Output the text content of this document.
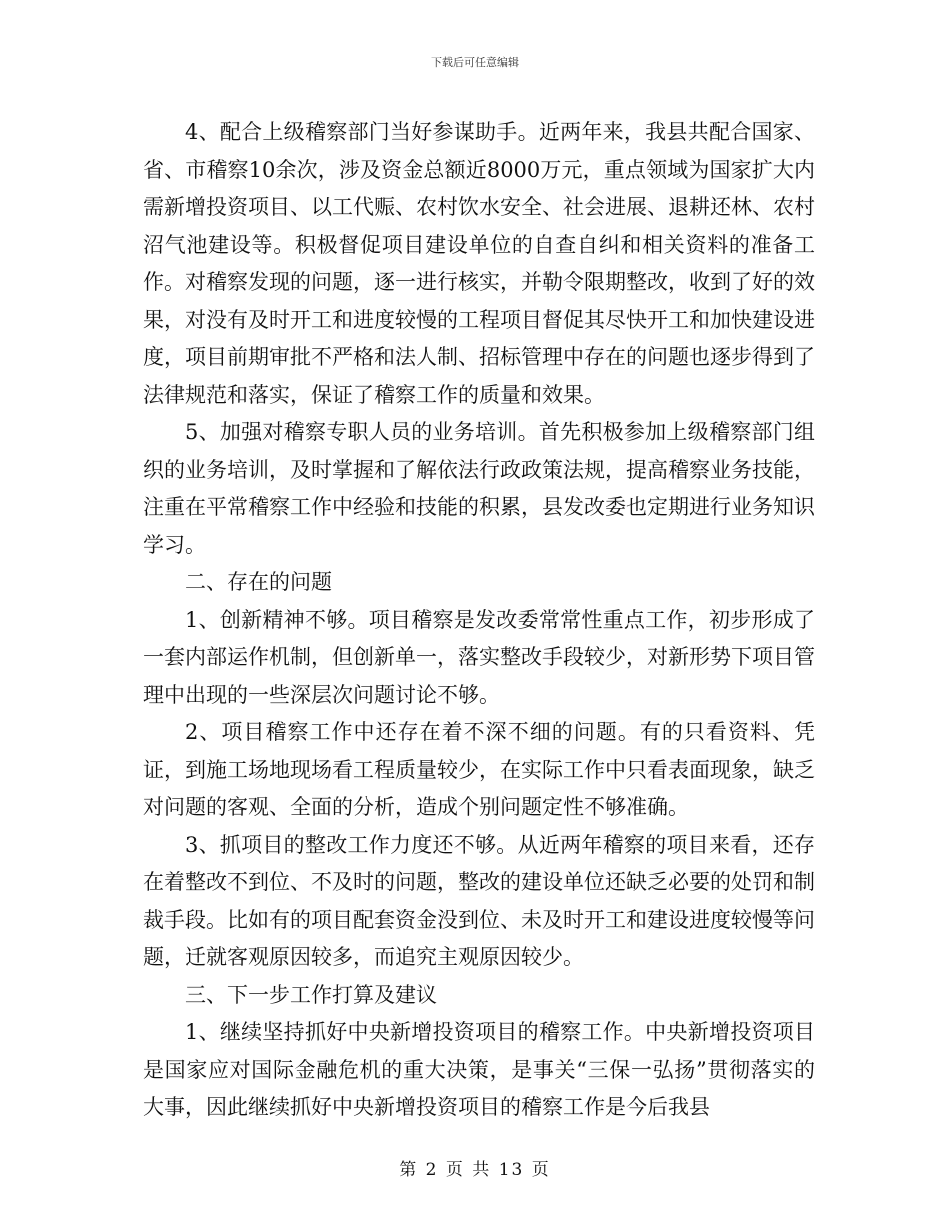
下载后可任意编辑

4、配合上级稽察部门当好参谋助手。近两年来，我县共配合国家、省、市稽察10余次，涉及资金总额近8000万元，重点领域为国家扩大内需新增投资项目、以工代赈、农村饮水安全、社会进展、退耕还林、农村沼气池建设等。积极督促项目建设单位的自查自纠和相关资料的准备工作。对稽察发现的问题，逐一进行核实，并勒令限期整改，收到了好的效果，对没有及时开工和进度较慢的工程项目督促其尽快开工和加快建设进度，项目前期审批不严格和法人制、招标管理中存在的问题也逐步得到了法律规范和落实，保证了稽察工作的质量和效果。

5、加强对稽察专职人员的业务培训。首先积极参加上级稽察部门组织的业务培训，及时掌握和了解依法行政政策法规，提高稽察业务技能，注重在平常稽察工作中经验和技能的积累，县发改委也定期进行业务知识学习。

二、存在的问题

1、创新精神不够。项目稽察是发改委常常性重点工作，初步形成了一套内部运作机制，但创新单一，落实整改手段较少，对新形势下项目管理中出现的一些深层次问题讨论不够。

2、项目稽察工作中还存在着不深不细的问题。有的只看资料、凭证，到施工场地现场看工程质量较少，在实际工作中只看表面现象，缺乏对问题的客观、全面的分析，造成个别问题定性不够准确。

3、抓项目的整改工作力度还不够。从近两年稽察的项目来看，还存在着整改不到位、不及时的问题，整改的建设单位还缺乏必要的处罚和制裁手段。比如有的项目配套资金没到位、未及时开工和建设进度较慢等问题，迁就客观原因较多，而追究主观原因较少。

三、下一步工作打算及建议

1、继续坚持抓好中央新增投资项目的稽察工作。中央新增投资项目是国家应对国际金融危机的重大决策，是事关“三保一弘扬”贯彻落实的大事，因此继续抓好中央新增投资项目的稽察工作是今后我县

第 2 页 共 13 页
